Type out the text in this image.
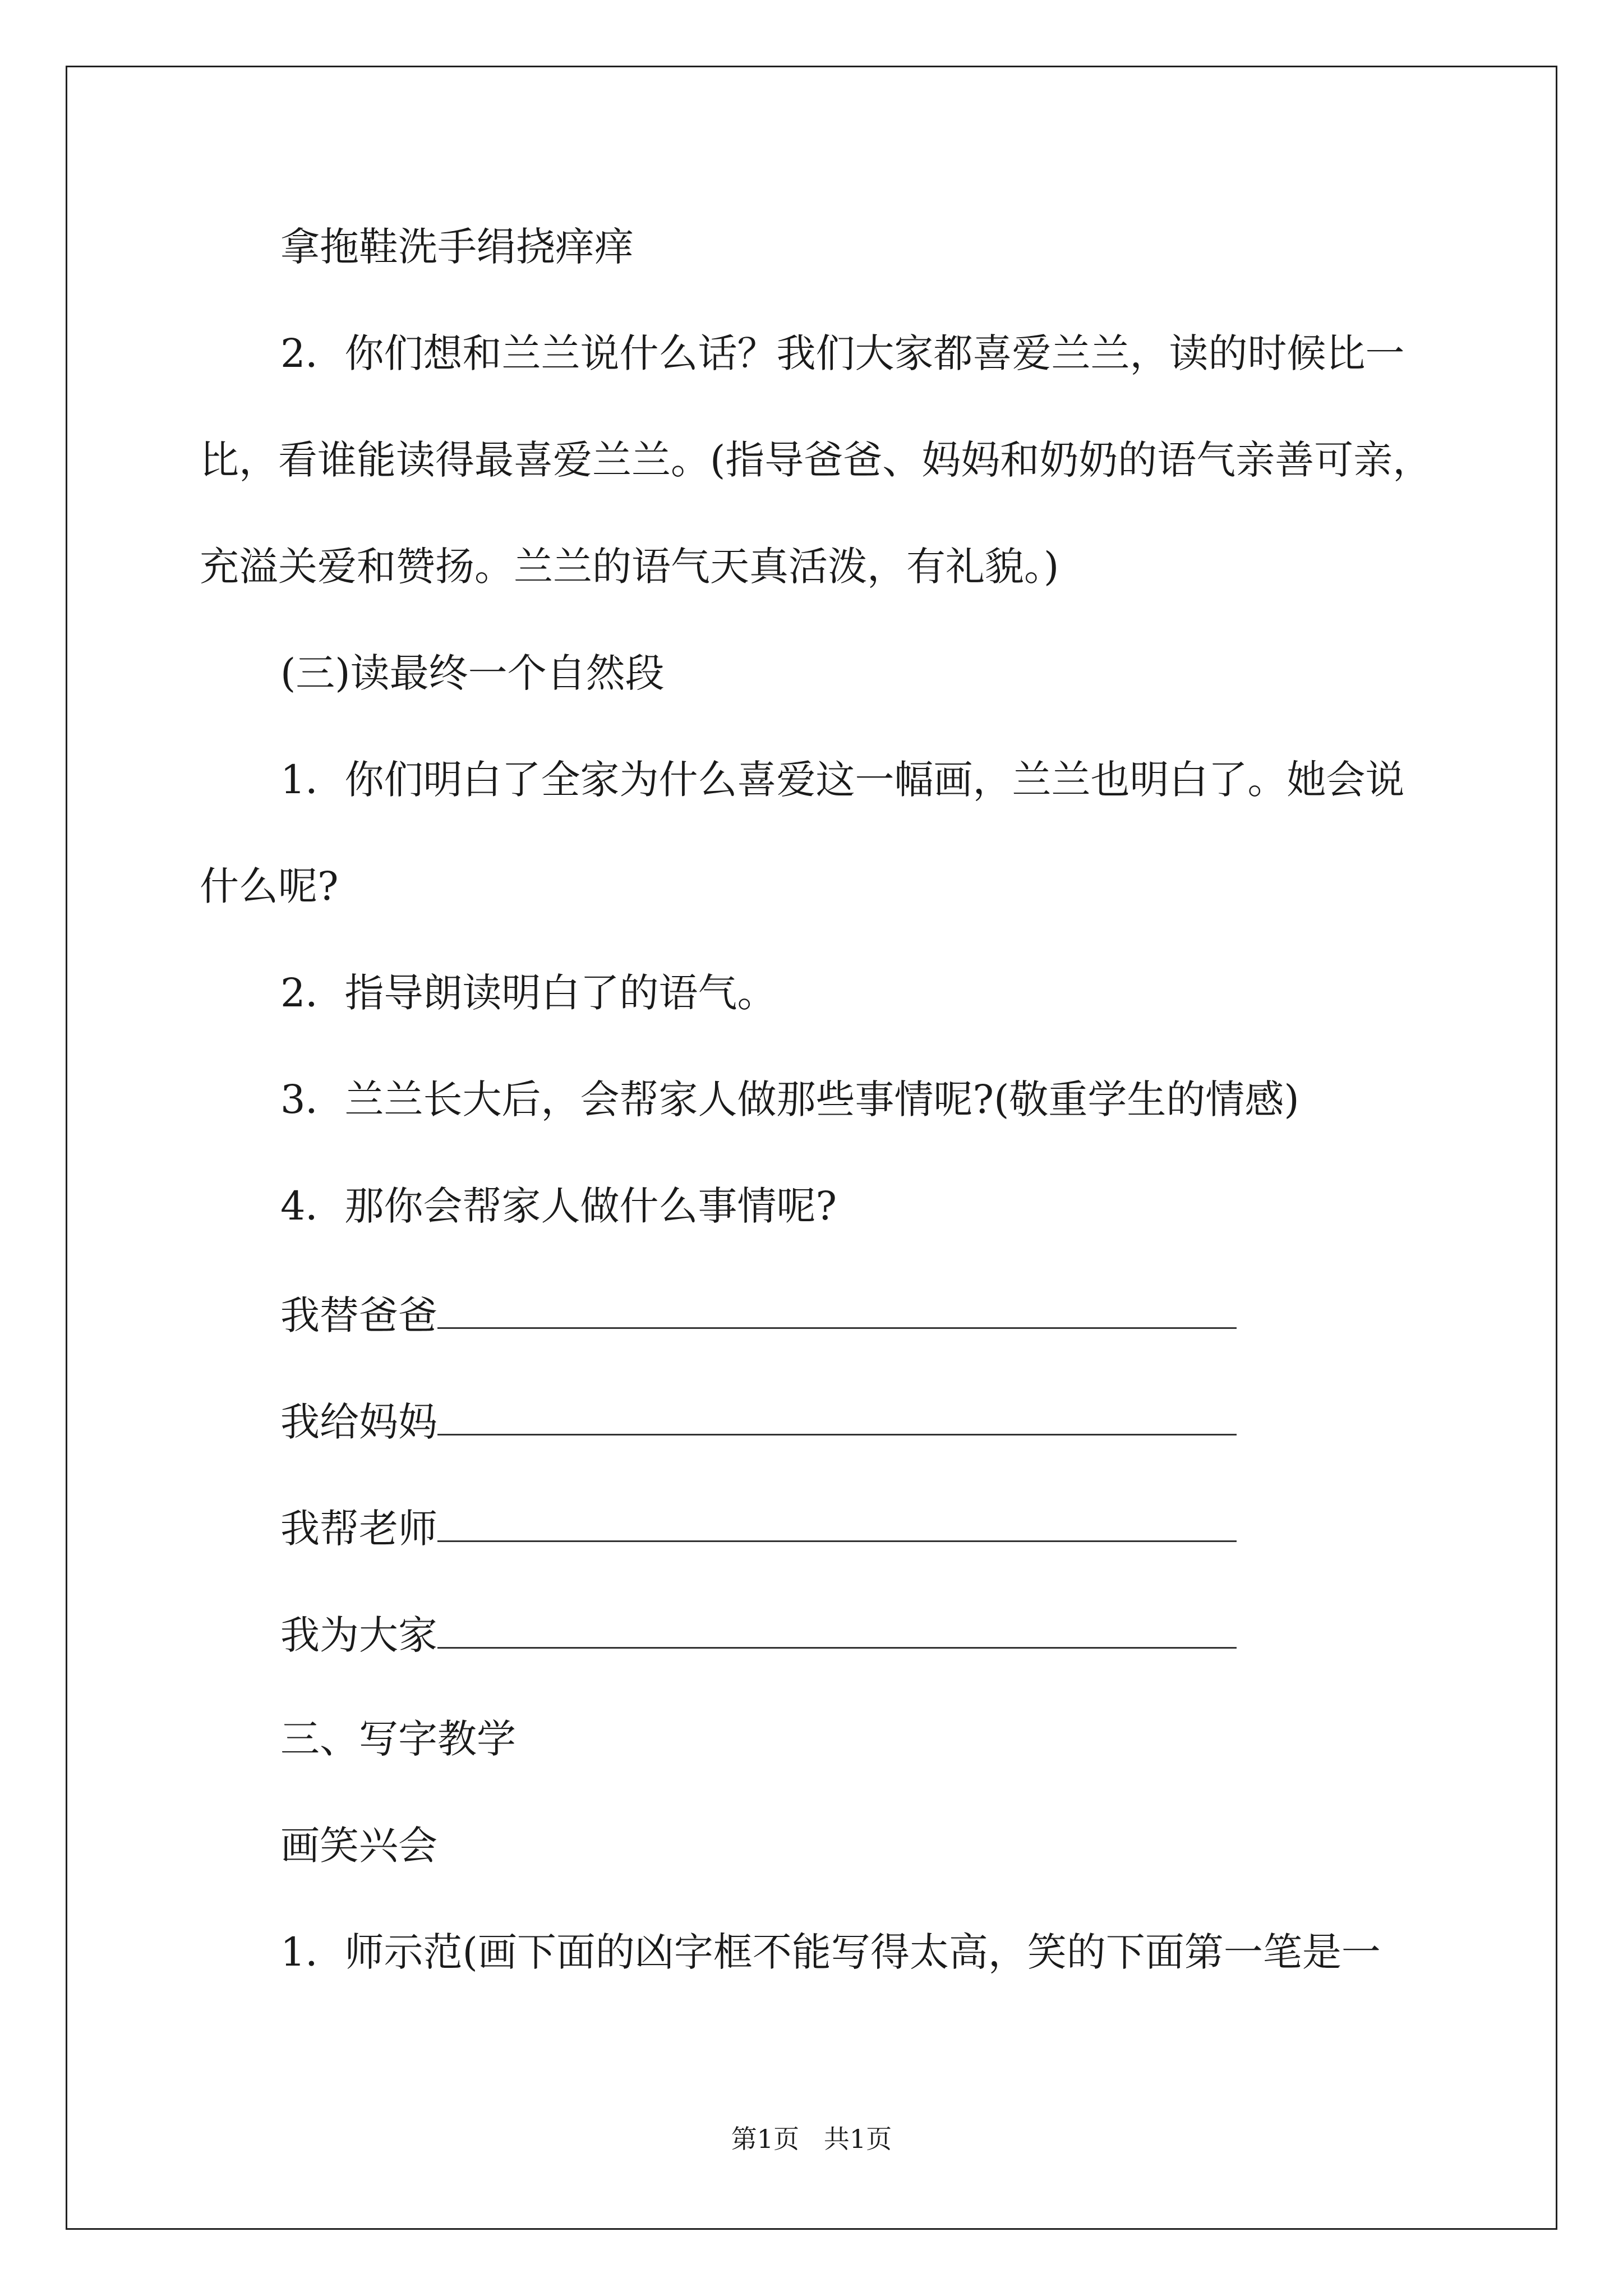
拿拖鞋洗手绢挠痒痒
2．你们想和兰兰说什么话？我们大家都喜爱兰兰，读的时候比一
比，看谁能读得最喜爱兰兰。(指导爸爸、妈妈和奶奶的语气亲善可亲，
充溢关爱和赞扬。兰兰的语气天真活泼，有礼貌。)
(三)读最终一个自然段
1．你们明白了全家为什么喜爱这一幅画，兰兰也明白了。她会说
什么呢?
2．指导朗读明白了的语气。
3．兰兰长大后，会帮家人做那些事情呢?(敬重学生的情感)
4．那你会帮家人做什么事情呢?
我替爸爸
我给妈妈
我帮老师
我为大家
三、写字教学
画笑兴会
1．师示范(画下面的凶字框不能写得太高，笑的下面第一笔是一
第1页   共1页
